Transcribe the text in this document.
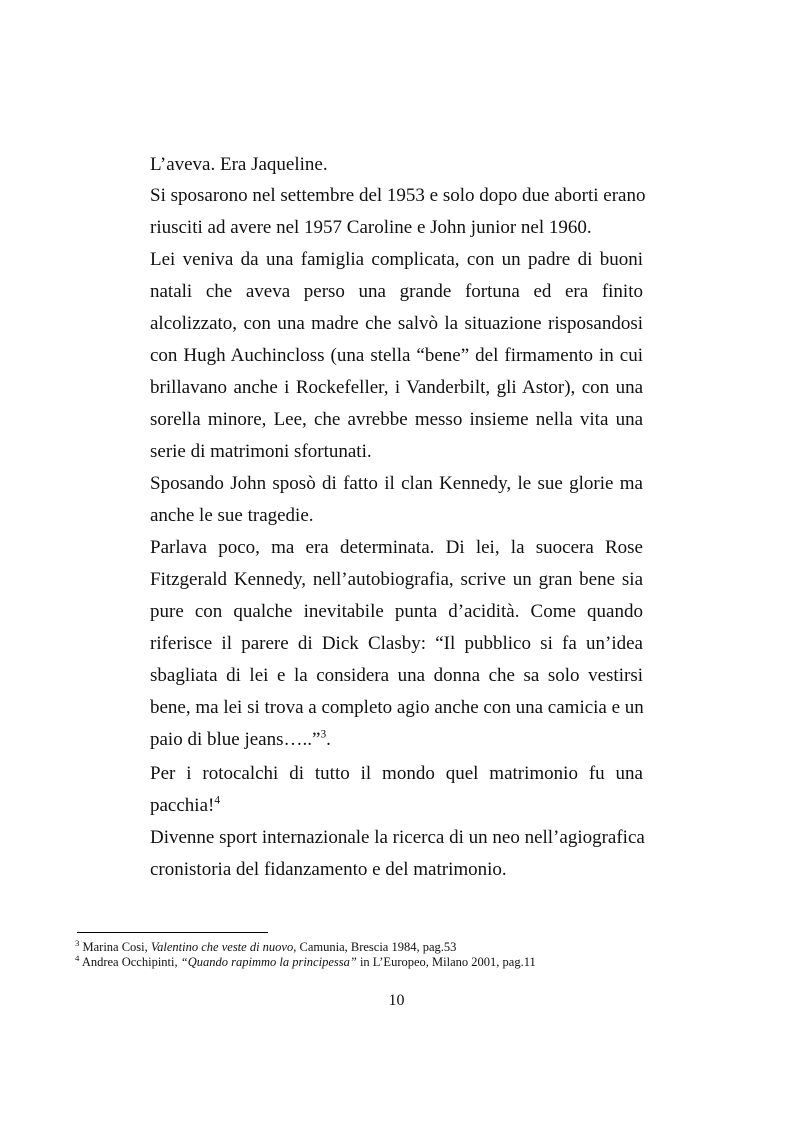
L’aveva. Era Jaqueline.
Si sposarono nel settembre del 1953 e solo dopo due aborti erano
riusciti ad avere nel 1957 Caroline e John junior nel 1960.
Lei veniva da una famiglia complicata, con un padre di buoni
natali che aveva perso una grande fortuna ed era finito
alcolizzato, con una madre che salvò la situazione risposandosi
con Hugh Auchincloss (una stella “bene” del firmamento in cui
brillavano anche i Rockefeller, i Vanderbilt, gli Astor), con una
sorella minore, Lee, che avrebbe messo insieme nella vita una
serie di matrimoni sfortunati.
Sposando John sposò di fatto il clan Kennedy, le sue glorie ma
anche le sue tragedie.
Parlava poco, ma era determinata. Di lei, la suocera Rose
Fitzgerald Kennedy, nell’autobiografia, scrive un gran bene sia
pure con qualche inevitabile punta d’acidità. Come quando
riferisce il parere di Dick Clasby: “Il pubblico si fa un’idea
sbagliata di lei e la considera una donna che sa solo vestirsi
bene, ma lei si trova a completo agio anche con una camicia e un
paio di blue jeans…..”$^3$.
Per i rotocalchi di tutto il mondo quel matrimonio fu una
pacchia!$^4$
Divenne sport internazionale la ricerca di un neo nell’agiografica
cronistoria del fidanzamento e del matrimonio.
$^3$ Marina Cosi, Valentino che veste di nuovo, Camunia, Brescia 1984, pag.53
$^4$ Andrea Occhipinti, “Quando rapimmo la principessa” in L’Europeo, Milano 2001, pag.11
10
